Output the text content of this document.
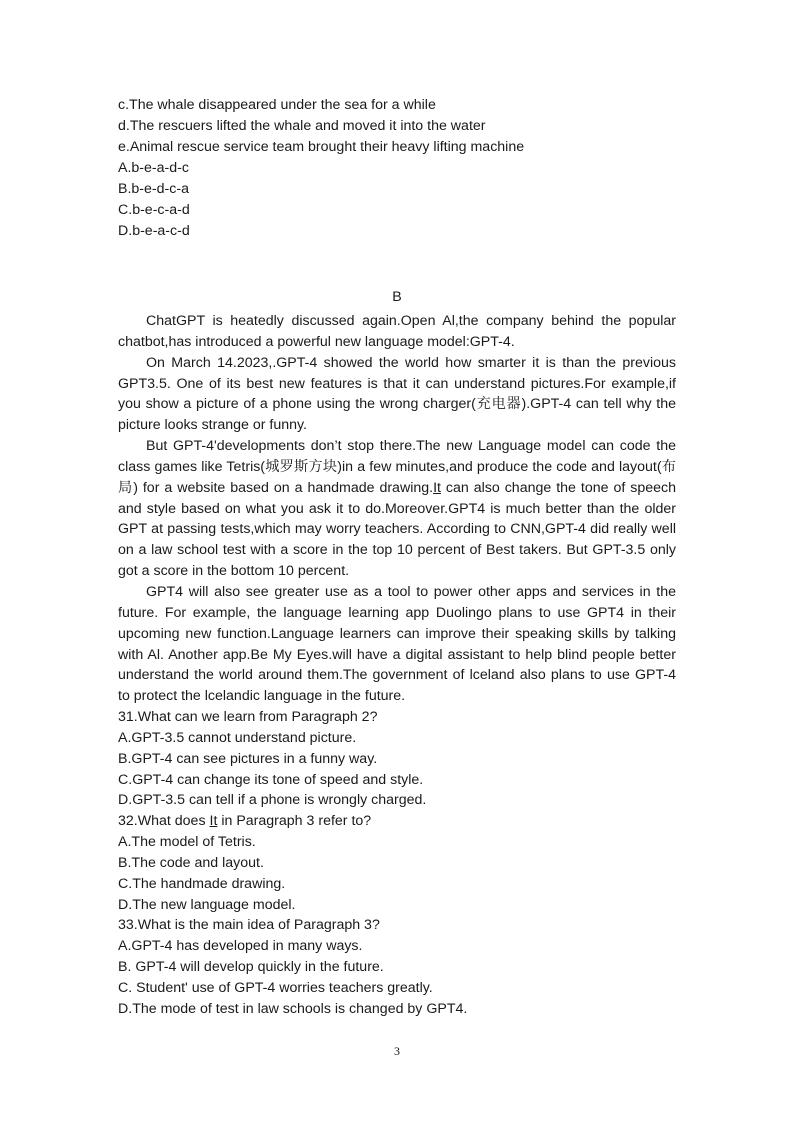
c.The whale disappeared under the sea for a while
d.The rescuers lifted the whale and moved it into the water
e.Animal rescue service team brought their heavy lifting machine
A.b-e-a-d-c
B.b-e-d-c-a
C.b-e-c-a-d
D.b-e-a-c-d
B

ChatGPT is heatedly discussed again.Open Al,the company behind the popular chatbot,has introduced a powerful new language model:GPT-4.

On March 14.2023,.GPT-4 showed the world how smarter it is than the previous GPT3.5. One of its best new features is that it can understand pictures.For example,if you show a picture of a phone using the wrong charger(充电器).GPT-4 can tell why the picture looks strange or funny.

But GPT-4'developments don’t stop there.The new Language model can code the class games like Tetris(城罗斯方块)in a few minutes,and produce the code and layout(布局) for a website based on a handmade drawing.It can also change the tone of speech and style based on what you ask it to do.Moreover.GPT4 is much better than the older GPT at passing tests,which may worry teachers. According to CNN,GPT-4 did really well on a law school test with a score in the top 10 percent of Best takers. But GPT-3.5 only got a score in the bottom 10 percent.

GPT4 will also see greater use as a tool to power other apps and services in the future. For example, the language learning app Duolingo plans to use GPT4 in their upcoming new function.Language learners can improve their speaking skills by talking with Al. Another app.Be My Eyes.will have a digital assistant to help blind people better understand the world around them.The government of lceland also plans to use GPT-4 to protect the lcelandic language in the future.

31.What can we learn from Paragraph 2?

A.GPT-3.5 cannot understand picture.

B.GPT-4 can see pictures in a funny way.

C.GPT-4 can change its tone of speed and style.

D.GPT-3.5 can tell if a phone is wrongly charged.

32.What does It in Paragraph 3 refer to?

A.The model of Tetris.

B.The code and layout.

C.The handmade drawing.

D.The new language model.

33.What is the main idea of Paragraph 3?

A.GPT-4 has developed in many ways.

B. GPT-4 will develop quickly in the future.

C. Student' use of GPT-4 worries teachers greatly.

D.The mode of test in law schools is changed by GPT4.

3
